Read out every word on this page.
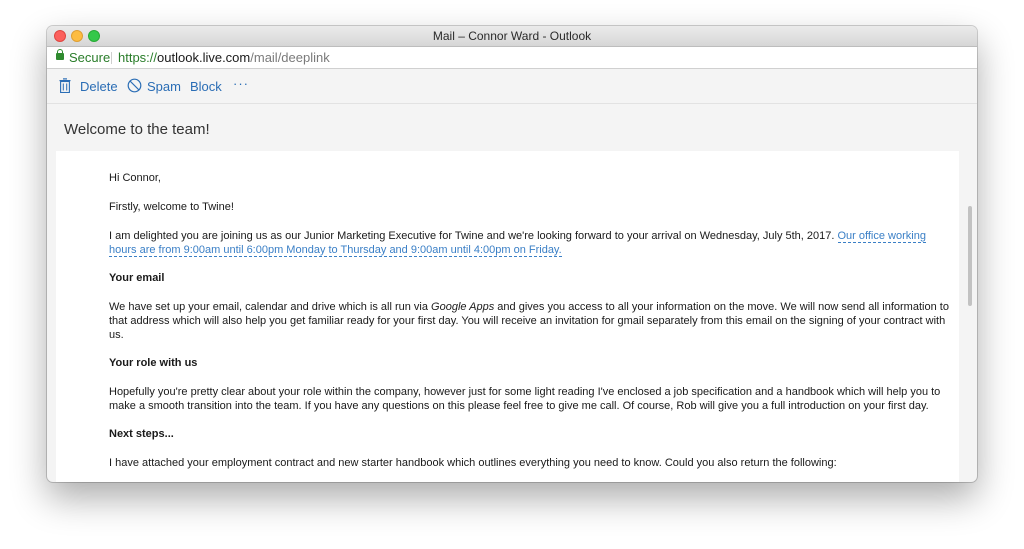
Mail – Connor Ward - Outlook
Secure https://outlook.live.com/mail/deeplink
Delete Spam Block ···
Welcome to the team!
Hi Connor,
Firstly, welcome to Twine!
I am delighted you are joining us as our Junior Marketing Executive for Twine and we're looking forward to your arrival on Wednesday, July 5th, 2017. Our office working
hours are from 9:00am until 6:00pm Monday to Thursday and 9:00am until 4:00pm on Friday.
Your email
We have set up your email, calendar and drive which is all run via Google Apps and gives you access to all your information on the move. We will now send all information to
that address which will also help you get familiar ready for your first day. You will receive an invitation for gmail separately from this email on the signing of your contract with
us.
Your role with us
Hopefully you're pretty clear about your role within the company, however just for some light reading I've enclosed a job specification and a handbook which will help you to
make a smooth transition into the team. If you have any questions on this please feel free to give me call. Of course, Rob will give you a full introduction on your first day.
Next steps...
I have attached your employment contract and new starter handbook which outlines everything you need to know. Could you also return the following:
